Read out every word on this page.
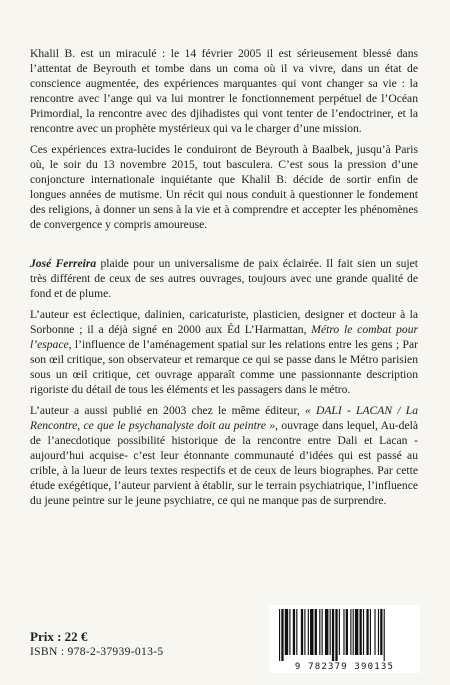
Khalil B. est un miraculé : le 14 février 2005 il est sérieusement blessé dans l’attentat de Beyrouth et tombe dans un coma où il va vivre, dans un état de conscience augmentée, des expériences marquantes qui vont changer sa vie : la rencontre avec l’ange qui va lui montrer le fonctionnement perpétuel de l’Océan Primordial, la rencontre avec des djihadistes qui vont tenter de l’endoctriner, et la rencontre avec un prophète mystérieux qui va le charger d’une mission.

Ces expériences extra-lucides le conduiront de Beyrouth à Baalbek, jusqu’à Paris où, le soir du 13 novembre 2015, tout basculera. C’est sous la pression d’une conjoncture internationale inquiétante que Khalil B. décide de sortir enfin de longues années de mutisme. Un récit qui nous conduit à questionner le fondement des religions, à donner un sens à la vie et à comprendre et accepter les phénomènes de convergence y compris amoureuse.

José Ferreira plaide pour un universalisme de paix éclairée. Il fait sien un sujet très différent de ceux de ses autres ouvrages, toujours avec une grande qualité de fond et de plume.

L’auteur est éclectique, dalinien, caricaturiste, plasticien, designer et docteur à la Sorbonne ; il a déjà signé en 2000 aux Éd L’Harmattan, Métro le combat pour l’espace, l’influence de l’aménagement spatial sur les relations entre les gens ; Par son œil critique, son observateur et remarque ce qui se passe dans le Métro parisien sous un œil critique, cet ouvrage apparaît comme une passionnante description rigoriste du détail de tous les éléments et les passagers dans le métro.

L’auteur a aussi publié en 2003 chez le même éditeur, « DALI - LACAN / La Rencontre, ce que le psychanalyste doit au peintre », ouvrage dans lequel, Au-delà de l’anecdotique possibilité historique de la rencontre entre Dali et Lacan -aujourd’hui acquise- c’est leur étonnante communauté d’idées qui est passé au crible, à la lueur de leurs textes respectifs et de ceux de leurs biographes. Par cette étude exégétique, l’auteur parvient à établir, sur le terrain psychiatrique, l’influence du jeune peintre sur le jeune psychiatre, ce qui ne manque pas de surprendre.

Prix : 22 €

ISBN : 978-2-37939-013-5

9 782379 390135
